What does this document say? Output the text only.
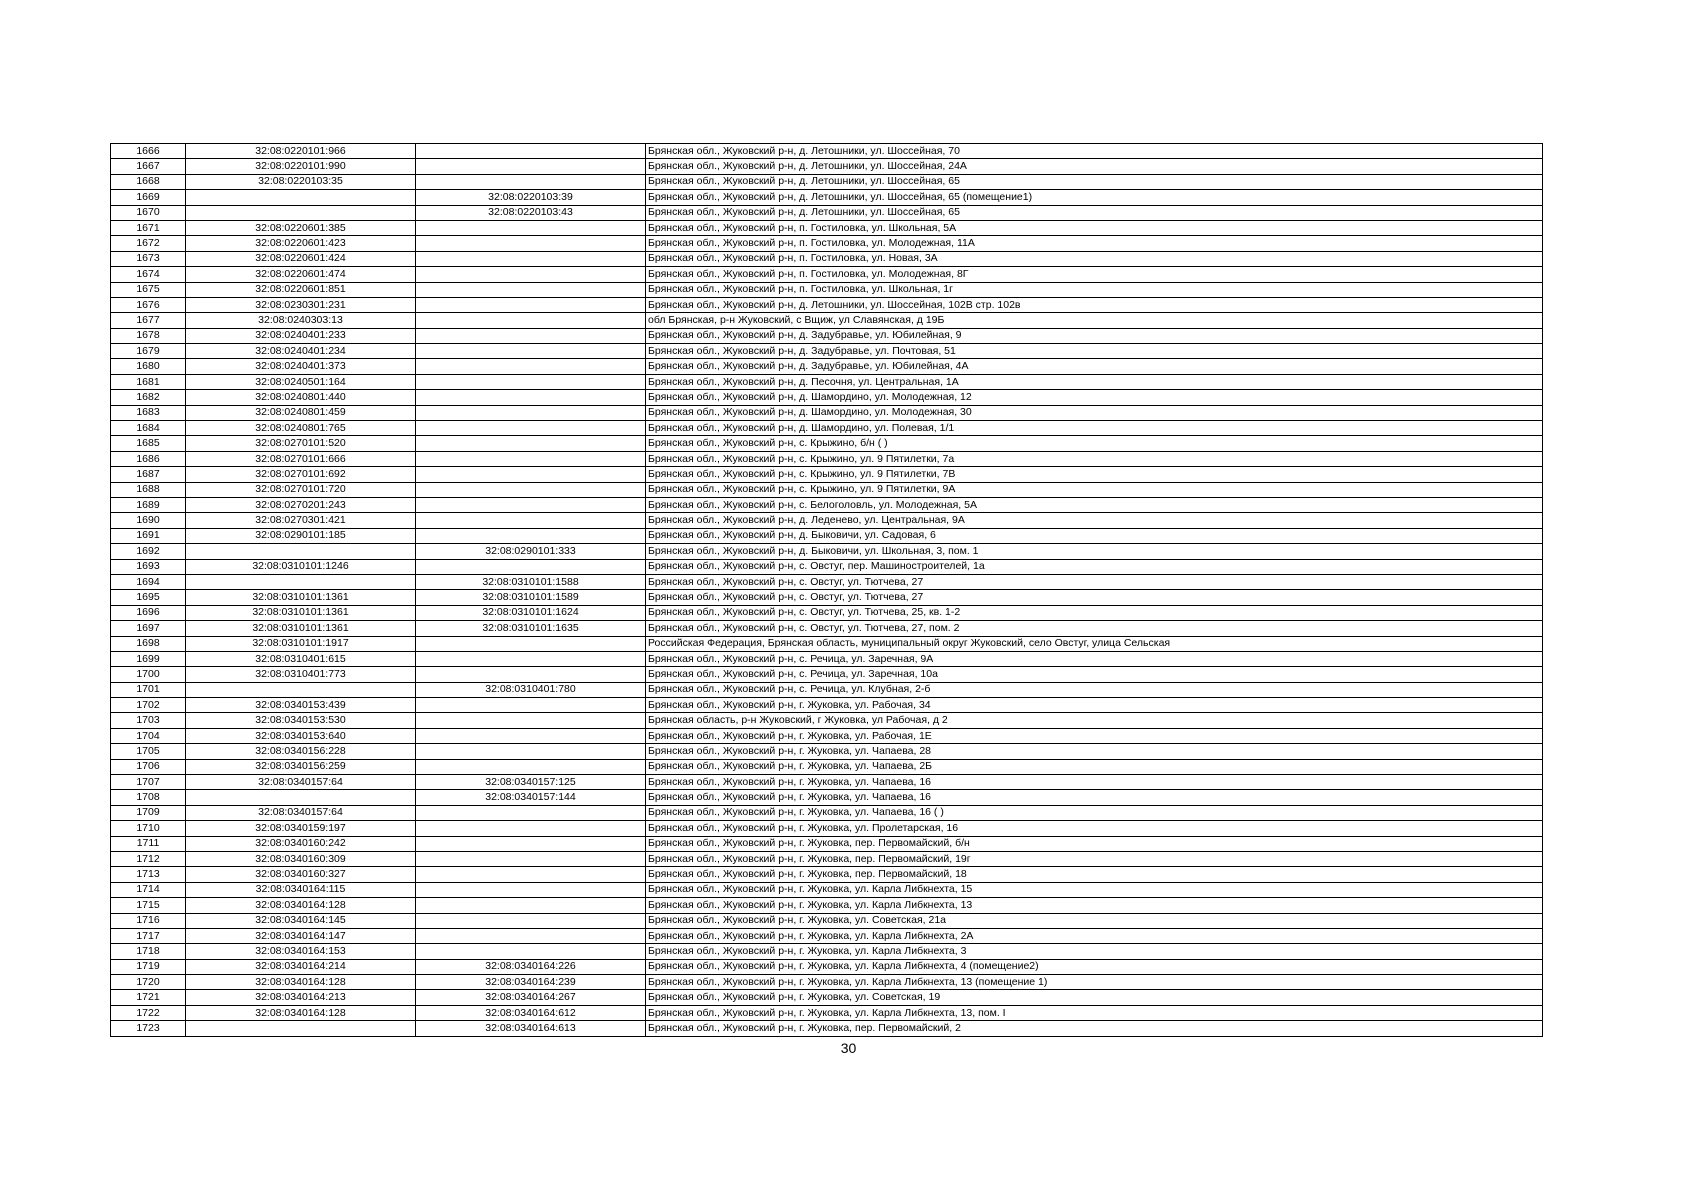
1666	32:08:0220101:966		Брянская обл., Жуковский р-н, д. Летошники, ул. Шоссейная, 70
1667	32:08:0220101:990		Брянская обл., Жуковский р-н, д. Летошники, ул. Шоссейная, 24А
1668	32:08:0220103:35		Брянская обл., Жуковский р-н, д. Летошники, ул. Шоссейная, 65
1669		32:08:0220103:39	Брянская обл., Жуковский р-н, д. Летошники, ул. Шоссейная, 65 (помещение1)
1670		32:08:0220103:43	Брянская обл., Жуковский р-н, д. Летошники, ул. Шоссейная, 65
1671	32:08:0220601:385		Брянская обл., Жуковский р-н, п. Гостиловка, ул. Школьная, 5А
1672	32:08:0220601:423		Брянская обл., Жуковский р-н, п. Гостиловка, ул. Молодежная, 11А
1673	32:08:0220601:424		Брянская обл., Жуковский р-н, п. Гостиловка, ул. Новая, 3А
1674	32:08:0220601:474		Брянская обл., Жуковский р-н, п. Гостиловка, ул. Молодежная, 8Г
1675	32:08:0220601:851		Брянская обл., Жуковский р-н, п. Гостиловка, ул. Школьная, 1г
1676	32:08:0230301:231		Брянская обл., Жуковский р-н, д. Летошники, ул. Шоссейная, 102В стр. 102в
1677	32:08:0240303:13		обл Брянская, р-н Жуковский, с Вщиж, ул Славянская, д 19Б
1678	32:08:0240401:233		Брянская обл., Жуковский р-н, д. Задубравье, ул. Юбилейная, 9
1679	32:08:0240401:234		Брянская обл., Жуковский р-н, д. Задубравье, ул. Почтовая, 51
1680	32:08:0240401:373		Брянская обл., Жуковский р-н, д. Задубравье, ул. Юбилейная, 4А
1681	32:08:0240501:164		Брянская обл., Жуковский р-н, д. Песочня, ул. Центральная, 1А
1682	32:08:0240801:440		Брянская обл., Жуковский р-н, д. Шамордино, ул. Молодежная, 12
1683	32:08:0240801:459		Брянская обл., Жуковский р-н, д. Шамордино, ул. Молодежная, 30
1684	32:08:0240801:765		Брянская обл., Жуковский р-н, д. Шамордино, ул. Полевая, 1/1
1685	32:08:0270101:520		Брянская обл., Жуковский р-н, с. Крыжино, б/н ( )
1686	32:08:0270101:666		Брянская обл., Жуковский р-н, с. Крыжино, ул. 9 Пятилетки, 7а
1687	32:08:0270101:692		Брянская обл., Жуковский р-н, с. Крыжино, ул. 9 Пятилетки, 7В
1688	32:08:0270101:720		Брянская обл., Жуковский р-н, с. Крыжино, ул. 9 Пятилетки, 9А
1689	32:08:0270201:243		Брянская обл., Жуковский р-н, с. Белоголовль, ул. Молодежная, 5А
1690	32:08:0270301:421		Брянская обл., Жуковский р-н, д. Леденево, ул. Центральная, 9А
1691	32:08:0290101:185		Брянская обл., Жуковский р-н, д. Быковичи, ул. Садовая, 6
1692		32:08:0290101:333	Брянская обл., Жуковский р-н, д. Быковичи, ул. Школьная, 3, пом. 1
1693	32:08:0310101:1246		Брянская обл., Жуковский р-н, с. Овстуг, пер. Машиностроителей, 1а
1694		32:08:0310101:1588	Брянская обл., Жуковский р-н, с. Овстуг, ул. Тютчева, 27
1695	32:08:0310101:1361	32:08:0310101:1589	Брянская обл., Жуковский р-н, с. Овстуг, ул. Тютчева, 27
1696	32:08:0310101:1361	32:08:0310101:1624	Брянская обл., Жуковский р-н, с. Овстуг, ул. Тютчева, 25, кв. 1-2
1697	32:08:0310101:1361	32:08:0310101:1635	Брянская обл., Жуковский р-н, с. Овстуг, ул. Тютчева, 27, пом. 2
1698	32:08:0310101:1917		Российская Федерация, Брянская область, муниципальный округ Жуковский, село Овстуг, улица Сельская
1699	32:08:0310401:615		Брянская обл., Жуковский р-н, с. Речица, ул. Заречная, 9А
1700	32:08:0310401:773		Брянская обл., Жуковский р-н, с. Речица, ул. Заречная, 10а
1701		32:08:0310401:780	Брянская обл., Жуковский р-н, с. Речица, ул. Клубная, 2-б
1702	32:08:0340153:439		Брянская обл., Жуковский р-н, г. Жуковка, ул. Рабочая, 34
1703	32:08:0340153:530		Брянская область, р-н Жуковский, г Жуковка, ул Рабочая, д 2
1704	32:08:0340153:640		Брянская обл., Жуковский р-н, г. Жуковка, ул. Рабочая, 1Е
1705	32:08:0340156:228		Брянская обл., Жуковский р-н, г. Жуковка, ул. Чапаева, 28
1706	32:08:0340156:259		Брянская обл., Жуковский р-н, г. Жуковка, ул. Чапаева, 2Б
1707	32:08:0340157:64	32:08:0340157:125	Брянская обл., Жуковский р-н, г. Жуковка, ул. Чапаева, 16
1708		32:08:0340157:144	Брянская обл., Жуковский р-н, г. Жуковка, ул. Чапаева, 16
1709	32:08:0340157:64		Брянская обл., Жуковский р-н, г. Жуковка, ул. Чапаева, 16 ( )
1710	32:08:0340159:197		Брянская обл., Жуковский р-н, г. Жуковка, ул. Пролетарская, 16
1711	32:08:0340160:242		Брянская обл., Жуковский р-н, г. Жуковка, пер. Первомайский, б/н
1712	32:08:0340160:309		Брянская обл., Жуковский р-н, г. Жуковка, пер. Первомайский, 19г
1713	32:08:0340160:327		Брянская обл., Жуковский р-н, г. Жуковка, пер. Первомайский, 18
1714	32:08:0340164:115		Брянская обл., Жуковский р-н, г. Жуковка, ул. Карла Либкнехта, 15
1715	32:08:0340164:128		Брянская обл., Жуковский р-н, г. Жуковка, ул. Карла Либкнехта, 13
1716	32:08:0340164:145		Брянская обл., Жуковский р-н, г. Жуковка, ул. Советская, 21а
1717	32:08:0340164:147		Брянская обл., Жуковский р-н, г. Жуковка, ул. Карла Либкнехта, 2А
1718	32:08:0340164:153		Брянская обл., Жуковский р-н, г. Жуковка, ул. Карла Либкнехта, 3
1719	32:08:0340164:214	32:08:0340164:226	Брянская обл., Жуковский р-н, г. Жуковка, ул. Карла Либкнехта, 4 (помещение2)
1720	32:08:0340164:128	32:08:0340164:239	Брянская обл., Жуковский р-н, г. Жуковка, ул. Карла Либкнехта, 13 (помещение 1)
1721	32:08:0340164:213	32:08:0340164:267	Брянская обл., Жуковский р-н, г. Жуковка, ул. Советская, 19
1722	32:08:0340164:128	32:08:0340164:612	Брянская обл., Жуковский р-н, г. Жуковка, ул. Карла Либкнехта, 13, пом. I
1723		32:08:0340164:613	Брянская обл., Жуковский р-н, г. Жуковка, пер. Первомайский, 2
30
